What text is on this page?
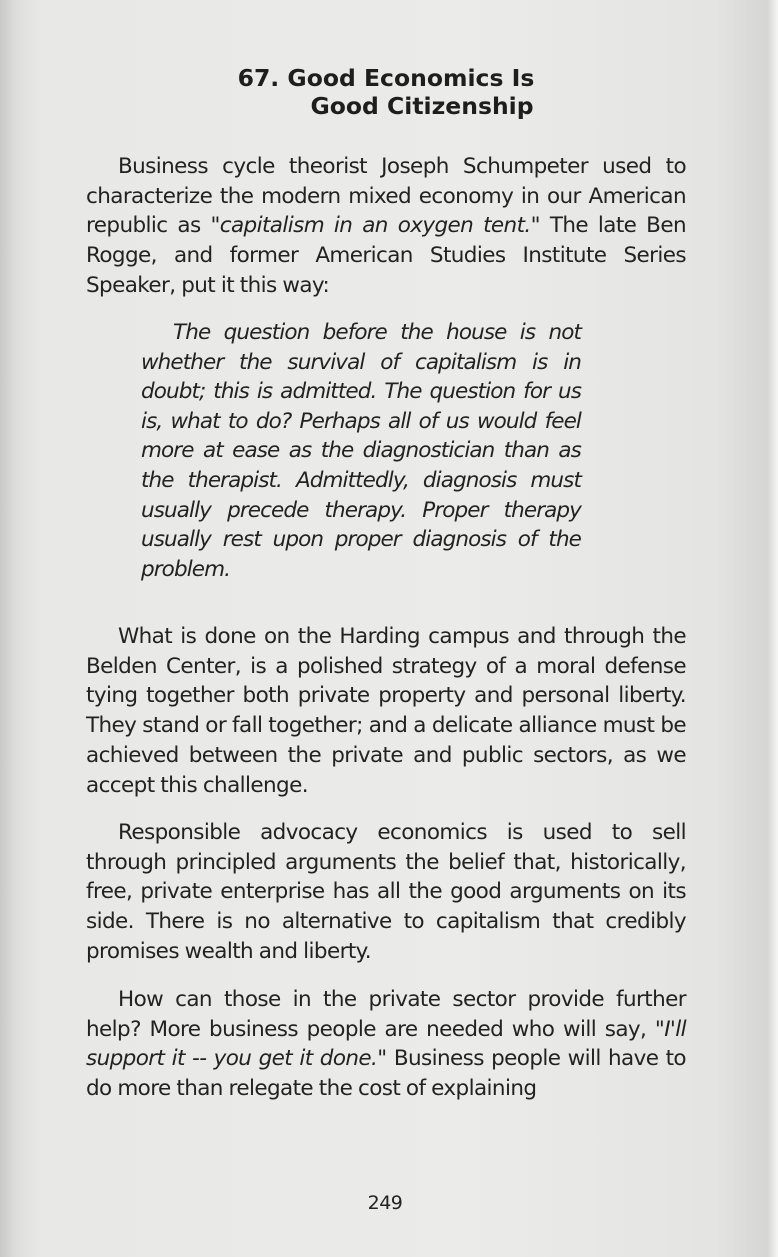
67. Good Economics Is
Good Citizenship

Business cycle theorist Joseph Schumpeter used to characterize the modern mixed economy in our American republic as "capitalism in an oxygen tent." The late Ben Rogge, and former American Studies Institute Series Speaker, put it this way:

The question before the house is not whether the survival of capitalism is in doubt; this is admitted. The question for us is, what to do? Perhaps all of us would feel more at ease as the diagnostician than as the therapist. Admittedly, diagnosis must usually precede therapy. Proper therapy usually rest upon proper diagnosis of the problem.

What is done on the Harding campus and through the Belden Center, is a polished strategy of a moral defense tying together both private property and personal liberty. They stand or fall together; and a delicate alliance must be achieved between the private and public sectors, as we accept this challenge.

Responsible advocacy economics is used to sell through principled arguments the belief that, historically, free, private enterprise has all the good arguments on its side. There is no alternative to capitalism that credibly promises wealth and liberty.

How can those in the private sector provide further help? More business people are needed who will say, "I'll support it -- you get it done." Business people will have to do more than relegate the cost of explaining

249
